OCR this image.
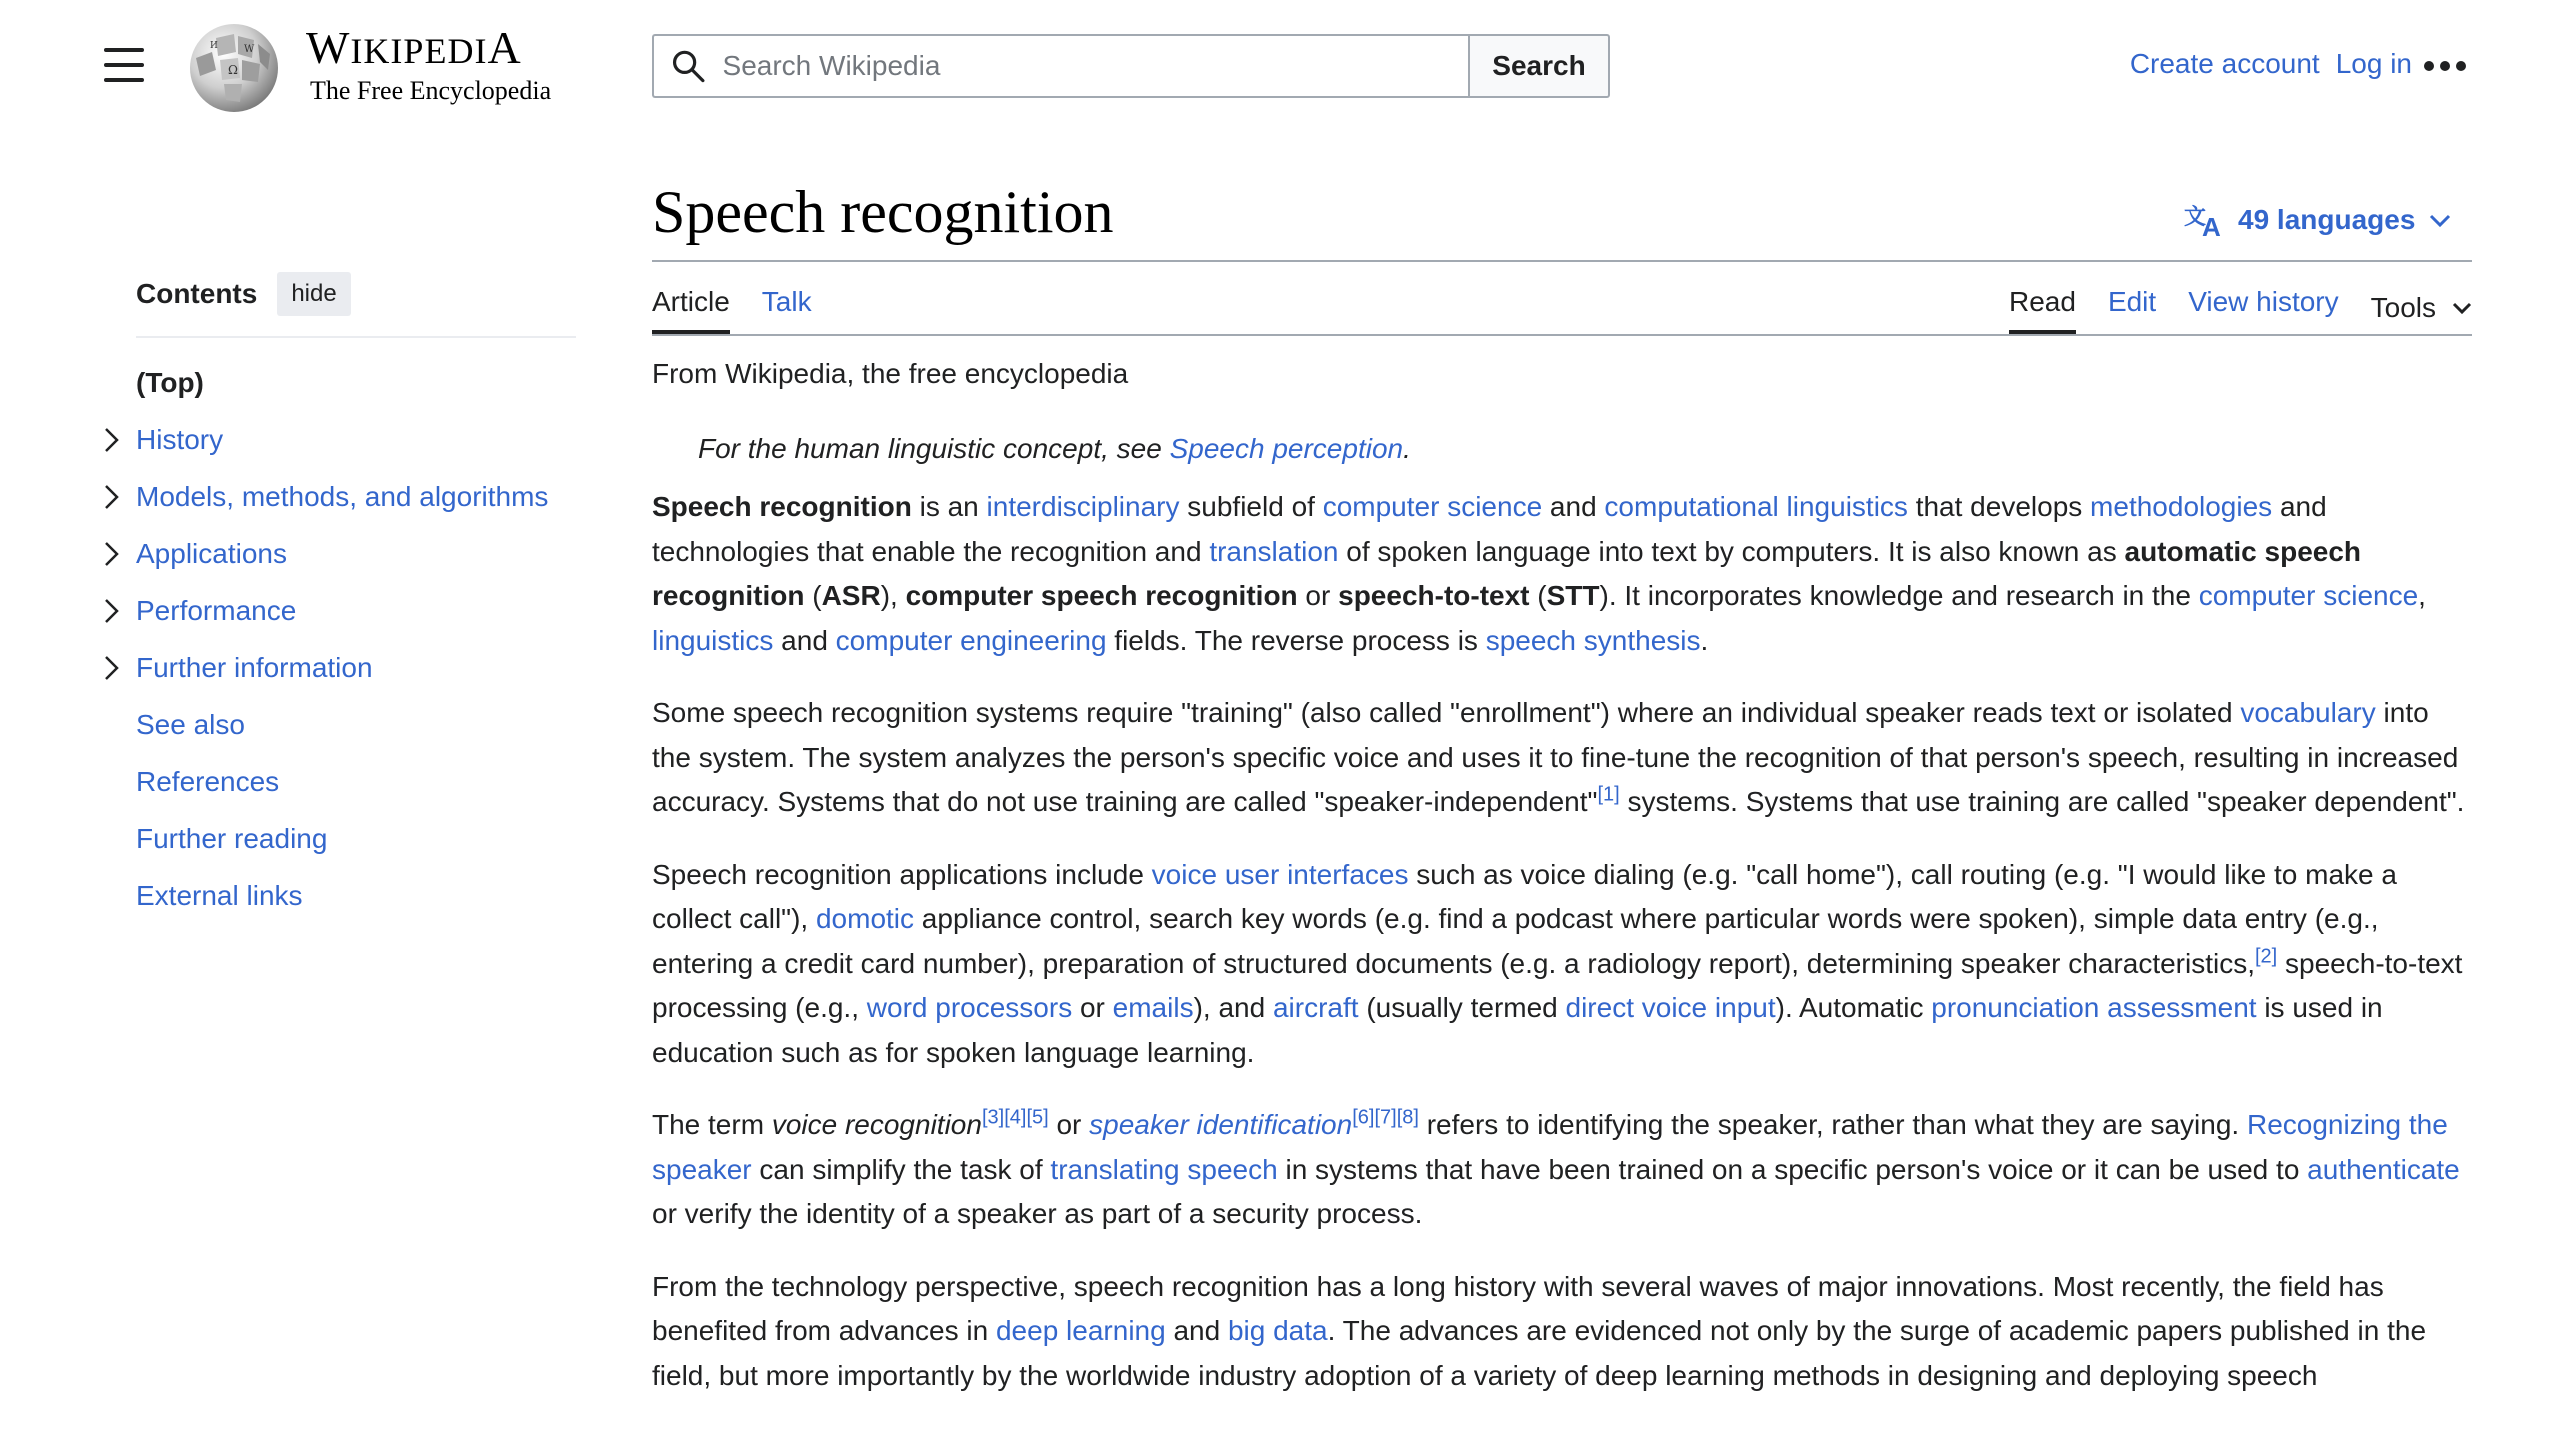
Ω
W
И WIKIPEDIA
The Free Encyclopedia
Search Wikipedia
Search	Create account Log in
Contents	hide
(Top)
History
Models, methods, and algorithms
Applications
Performance
Further information
See also
References
Further reading
External links
Speech recognition	文
A 49 languages
Article Talk	Read Edit View history Tools

From Wikipedia, the free encyclopedia

For the human linguistic concept, see Speech perception.

Speech recognition is an interdisciplinary subfield of computer science and computational linguistics that develops methodologies and technologies that enable the recognition and translation of spoken language into text by computers. It is also known as automatic speech recognition (ASR), computer speech recognition or speech-to-text (STT). It incorporates knowledge and research in the computer science, linguistics and computer engineering fields. The reverse process is speech synthesis.

Some speech recognition systems require "training" (also called "enrollment") where an individual speaker reads text or isolated vocabulary into the system. The system analyzes the person's specific voice and uses it to fine-tune the recognition of that person's speech, resulting in increased accuracy. Systems that do not use training are called "speaker-independent"[1] systems. Systems that use training are called "speaker dependent".

Speech recognition applications include voice user interfaces such as voice dialing (e.g. "call home"), call routing (e.g. "I would like to make a collect call"), domotic appliance control, search key words (e.g. find a podcast where particular words were spoken), simple data entry (e.g., entering a credit card number), preparation of structured documents (e.g. a radiology report), determining speaker characteristics,[2] speech-to-text processing (e.g., word processors or emails), and aircraft (usually termed direct voice input). Automatic pronunciation assessment is used in education such as for spoken language learning.

The term voice recognition[3][4][5] or speaker identification[6][7][8] refers to identifying the speaker, rather than what they are saying. Recognizing the speaker can simplify the task of translating speech in systems that have been trained on a specific person's voice or it can be used to authenticate or verify the identity of a speaker as part of a security process.

From the technology perspective, speech recognition has a long history with several waves of major innovations. Most recently, the field has benefited from advances in deep learning and big data. The advances are evidenced not only by the surge of academic papers published in the field, but more importantly by the worldwide industry adoption of a variety of deep learning methods in designing and deploying speech
